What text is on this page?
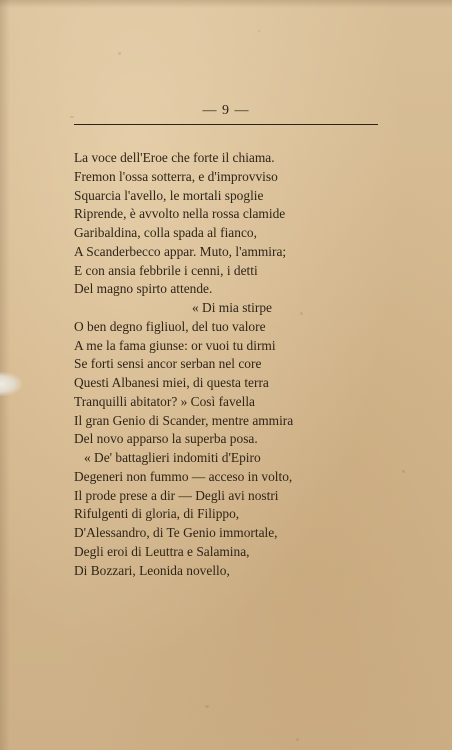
— 9 —
La voce dell'Eroe che forte il chiama.
Fremon l'ossa sotterra, e d'improvviso
Squarcia l'avello, le mortali spoglie
Riprende, è avvolto nella rossa clamide
Garibaldina, colla spada al fianco,
A Scanderbecco appar. Muto, l'ammira;
E con ansia febbrile i cenni, i detti
Del magno spirto attende.
« Di mia stirpe
O ben degno figliuol, del tuo valore
A me la fama giunse: or vuoi tu dirmi
Se forti sensi ancor serban nel core
Questi Albanesi miei, di questa terra
Tranquilli abitator? » Così favella
Il gran Genio di Scander, mentre ammira
Del novo apparso la superba posa.
« De' battaglieri indomiti d'Epiro
Degeneri non fummo — acceso in volto,
Il prode prese a dir — Degli avi nostri
Rifulgenti di gloria, di Filippo,
D'Alessandro, di Te Genio immortale,
Degli eroi di Leuttra e Salamina,
Di Bozzari, Leonida novello,
